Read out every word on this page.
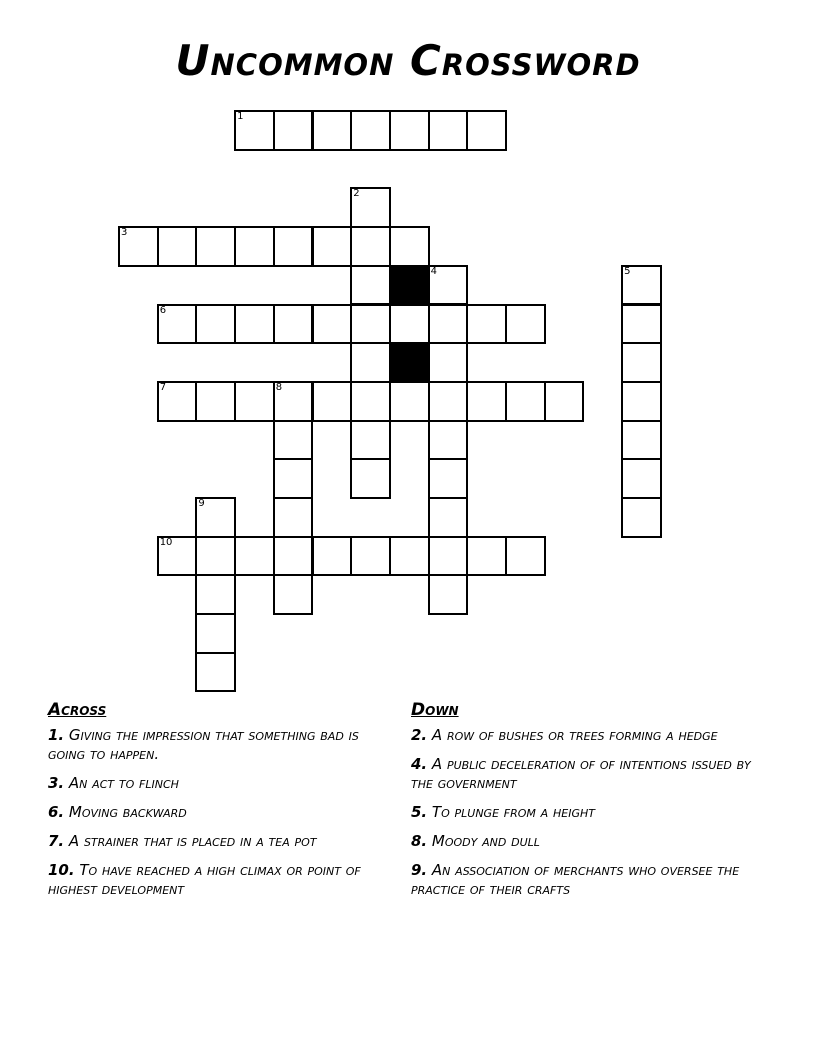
Uncommon Crossword
1
3
6
7	8
10
2
4	5
9
Across
1. Giving the impression that something bad is going to happen.
3. An act to flinch
6. Moving backward
7. A strainer that is placed in a tea pot
10. To have reached a high climax or point of highest development
Down
2. A row of bushes or trees forming a hedge
4. A public deceleration of of intentions issued by the government
5. To plunge from a height
8. Moody and dull
9. An association of merchants who oversee the practice of their crafts
